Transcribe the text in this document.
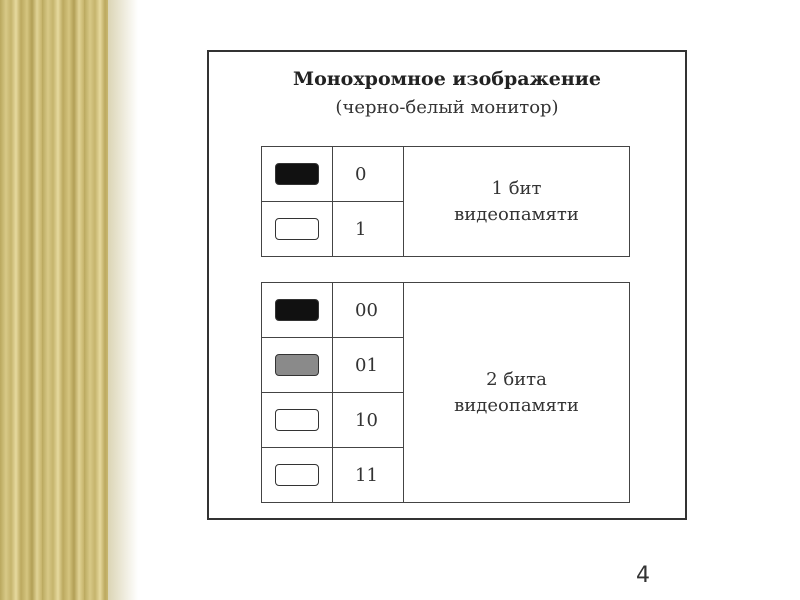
Монохромное изображение
(черно-белый монитор)
	0	1 бит
видеопамяти

	1	
	00	2 бита
видеопамяти

	01	
	10	
	11	
4
